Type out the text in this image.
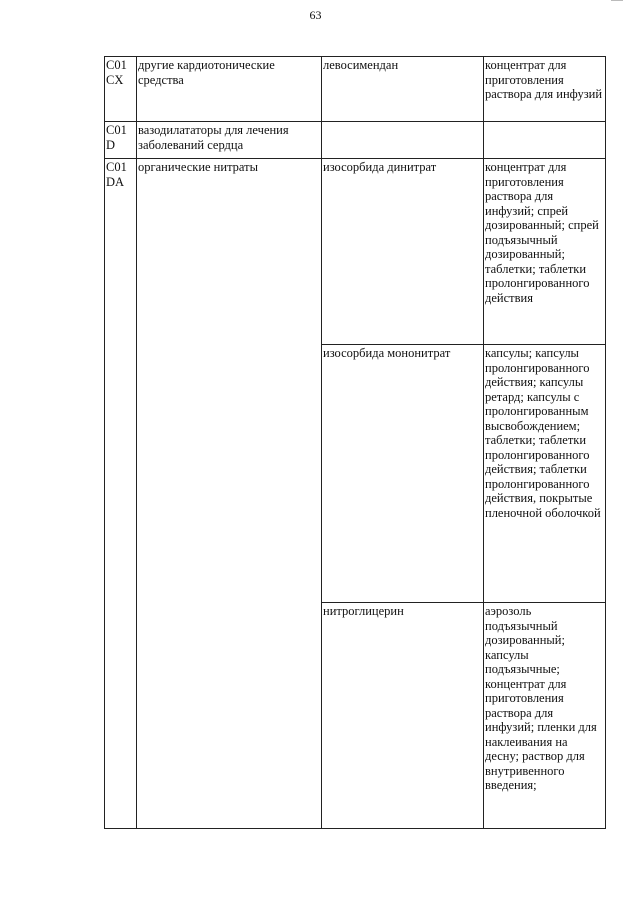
63
C01CX	другие кардиотонические средства	левосимендан	концентрат для приготовления раствора для инфузий
C01D	вазодилататоры для лечения заболеваний сердца		
C01DA	органические нитраты	изосорбида динитрат	концентрат для приготовления раствора для инфузий; спрей дозированный; спрей подъязычный дозированный; таблетки; таблетки пролонгированного действия
		изосорбида мононитрат	капсулы; капсулы пролонгированного действия; капсулы ретард; капсулы с пролонгированным высвобождением; таблетки; таблетки пролонгированного действия; таблетки пролонгированного действия, покрытые пленочной оболочкой
		нитроглицерин	аэрозоль подъязычный дозированный; капсулы подъязычные; концентрат для приготовления раствора для инфузий; пленки для наклеивания на десну; раствор для внутривенного введения;
